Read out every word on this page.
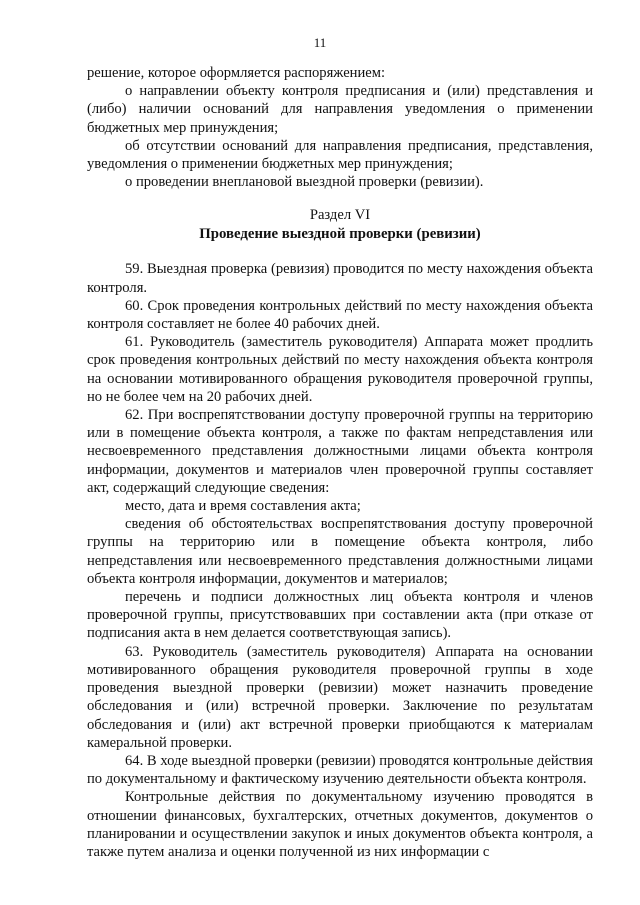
11

решение, которое оформляется распоряжением:

о направлении объекту контроля предписания и (или) представления и (либо) наличии оснований для направления уведомления о применении бюджетных мер принуждения;

об отсутствии оснований для направления предписания, представления, уведомления о применении бюджетных мер принуждения;

о проведении внеплановой выездной проверки (ревизии).

Раздел VI
Проведение выездной проверки (ревизии)

59. Выездная проверка (ревизия) проводится по месту нахождения объекта контроля.

60. Срок проведения контрольных действий по месту нахождения объекта контроля составляет не более 40 рабочих дней.

61. Руководитель (заместитель руководителя) Аппарата может продлить срок проведения контрольных действий по месту нахождения объекта контроля на основании мотивированного обращения руководителя проверочной группы, но не более чем на 20 рабочих дней.

62. При воспрепятствовании доступу проверочной группы на территорию или в помещение объекта контроля, а также по фактам непредставления или несвоевременного представления должностными лицами объекта контроля информации, документов и материалов член проверочной группы составляет акт, содержащий следующие сведения:

место, дата и время составления акта;

сведения об обстоятельствах воспрепятствования доступу проверочной группы на территорию или в помещение объекта контроля, либо непредставления или несвоевременного представления должностными лицами объекта контроля информации, документов и материалов;

перечень и подписи должностных лиц объекта контроля и членов проверочной группы, присутствовавших при составлении акта (при отказе от подписания акта в нем делается соответствующая запись).

63. Руководитель (заместитель руководителя) Аппарата на основании мотивированного обращения руководителя проверочной группы в ходе проведения выездной проверки (ревизии) может назначить проведение обследования и (или) встречной проверки. Заключение по результатам обследования и (или) акт встречной проверки приобщаются к материалам камеральной проверки.

64. В ходе выездной проверки (ревизии) проводятся контрольные действия по документальному и фактическому изучению деятельности объекта контроля.

Контрольные действия по документальному изучению проводятся в отношении финансовых, бухгалтерских, отчетных документов, документов о планировании и осуществлении закупок и иных документов объекта контроля, а также путем анализа и оценки полученной из них информации с
